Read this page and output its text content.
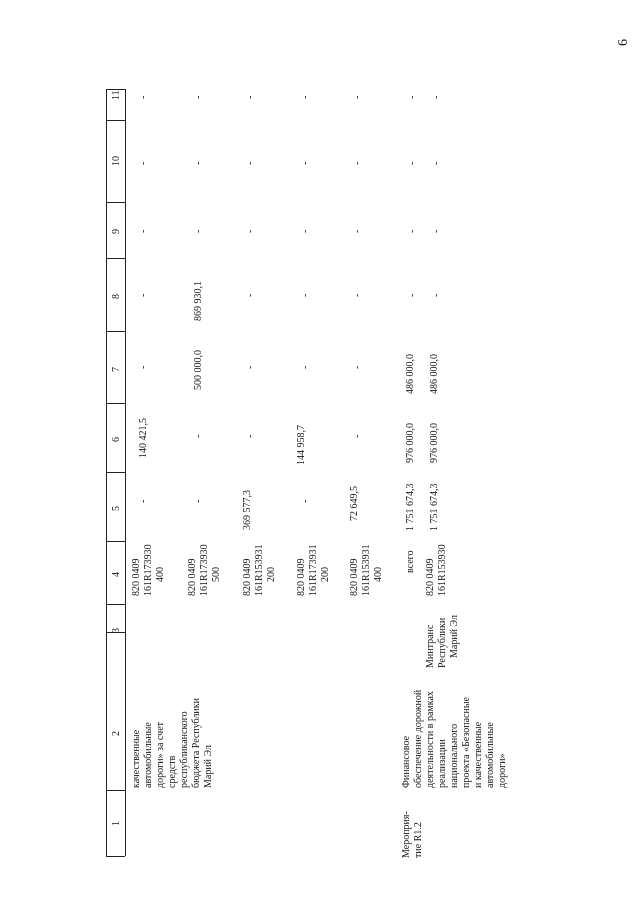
6
1
2
3
4
5
6
7
8
9
10
11
качественные автомобильные дороги» за счет средств республиканского бюджета Республики Марий Эл
820 0409 161R173930 400
-
140 421,5
-
-
-
-
-
820 0409 161R173930 500
-
-
500 000,0
869 930,1
-
-
-
820 0409 161R153931 200
369 577,3
-
-
-
-
-
-
820 0409 161R173931 200
-
144 958,7
-
-
-
-
-
820 0409 161R153931 400
72 649,5
-
-
-
-
-
-
Мероприя- тие R1.2
Финансовое обеспечение дорожной деятельности в рамках реализации национального проекта «Безопасные и качественные автомобильные дороги»
Минтранс Республики Марий Эл
всего
1 751 674,3
976 000,0
486 000,0
-
-
-
-
820 0409 161R153930
1 751 674,3
976 000,0
486 000,0
-
-
-
-
